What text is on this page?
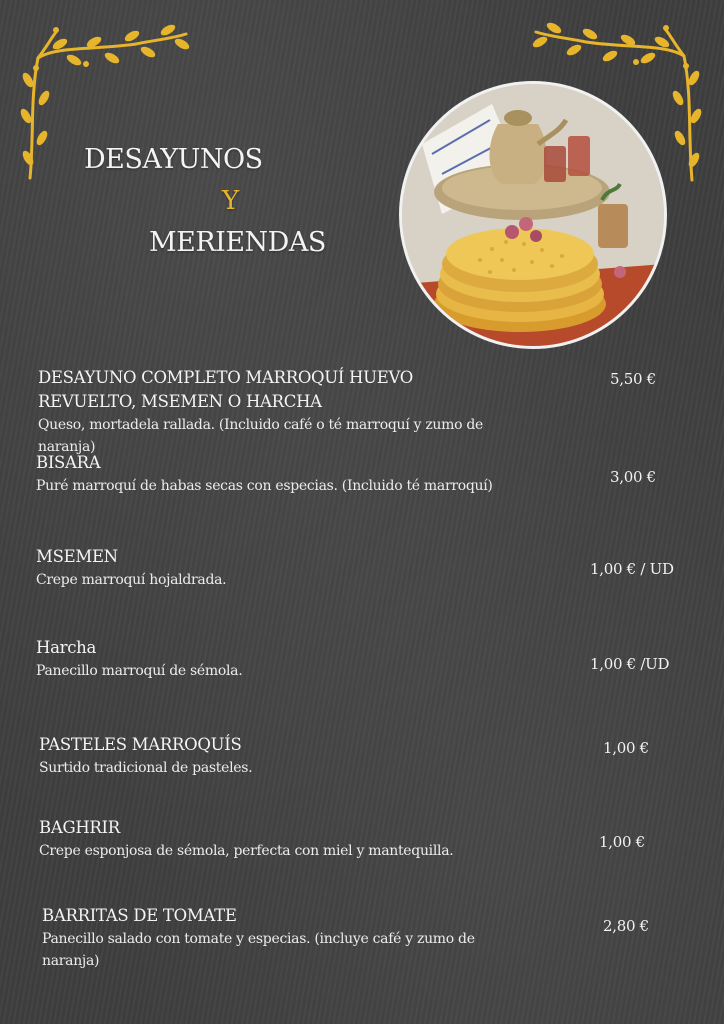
DESAYUNOS
Y
MERIENDAS
DESAYUNO COMPLETO MARROQUÍ HUEVO REVUELTO, MSEMEN O HARCHA
Queso, mortadela rallada. (Incluido café o té marroquí y zumo de naranja)
5,50 €
BISARA
Puré marroquí de habas secas con especias. (Incluido té marroquí)	3,00 €
MSEMEN
Crepe marroquí hojaldrada.
1,00 € / UD
Harcha
Panecillo marroquí de sémola.	1,00 € /UD
PASTELES MARROQUÍS
Surtido tradicional de pasteles.
1,00 €
BAGHRIR
Crepe esponjosa de sémola, perfecta con miel y mantequilla.	1,00 €
BARRITAS DE TOMATE
Panecillo salado con tomate y especias. (incluye café y zumo de naranja)
2,80 €
